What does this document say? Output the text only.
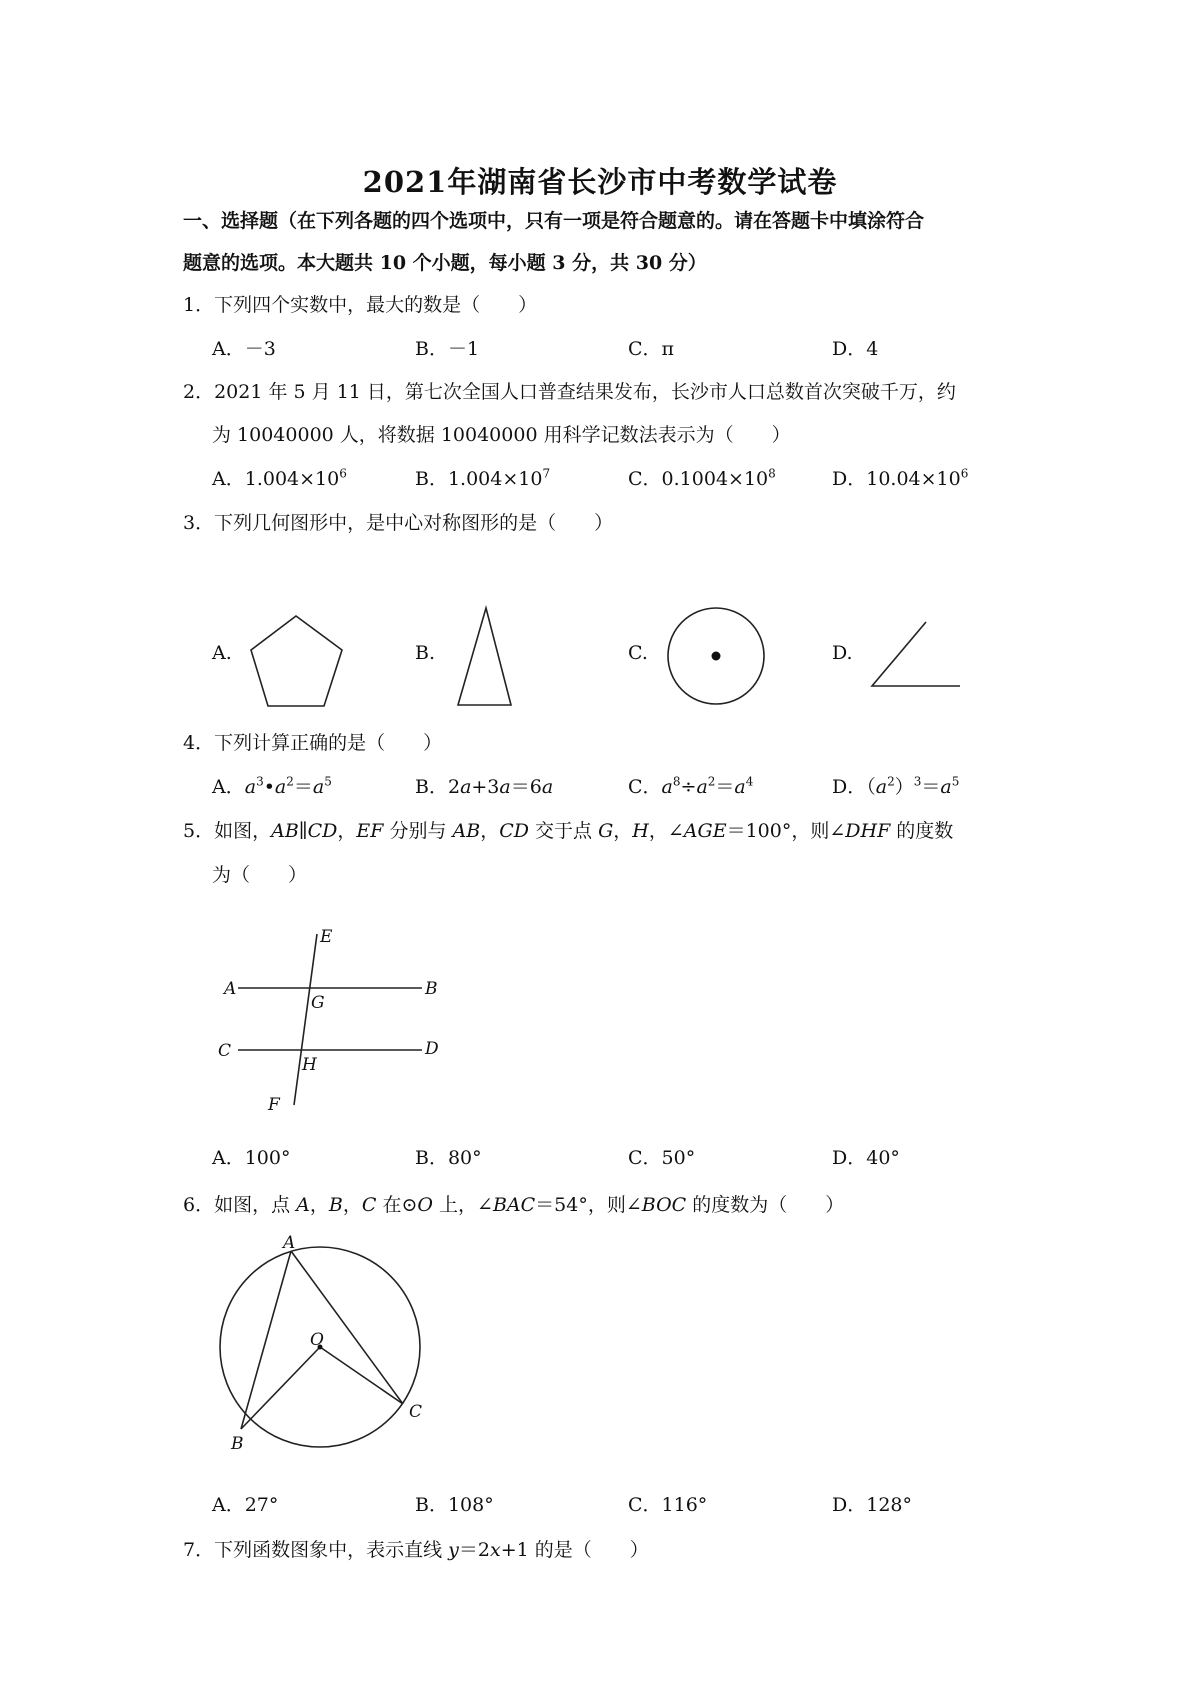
2021年湖南省长沙市中考数学试卷
一、选择题（在下列各题的四个选项中，只有一项是符合题意的。请在答题卡中填涂符合
题意的选项。本大题共 10 个小题，每小题 3 分，共 30 分）
1．下列四个实数中，最大的数是（　　）
A．－3	B．－1	C．π	D．4
2．2021 年 5 月 11 日，第七次全国人口普查结果发布，长沙市人口总数首次突破千万，约
为 10040000 人，将数据 10040000 用科学记数法表示为（　　）
A．$1.004\times 10^6$	B．$1.004\times 10^7$	C．$0.1004\times 10^8$	D．$10.04\times 10^6$
3．下列几何图形中，是中心对称图形的是（　　）
A.	B.	C.	D.
4．下列计算正确的是（　　）
A．$a^3•a^2=a^5$	B．2a+3a＝6a	C．$a^8\div a^2=a^4$	D．$(a^2)^3=a^5$
5．如图，AB∥CD，EF 分别与 AB，CD 交于点 G，H，∠AGE＝100°，则∠DHF 的度数
为（　　）
E
A	B
G
C	D
H
F
A．100°	B．80°	C．50°	D．40°
6．如图，点 A，B，C 在⊙O 上，∠BAC＝54°，则∠BOC 的度数为（　　）
A
O
B
C
A．27°	B．108°	C．116°	D．128°
7．下列函数图象中，表示直线 y＝2x+1 的是（　　）
